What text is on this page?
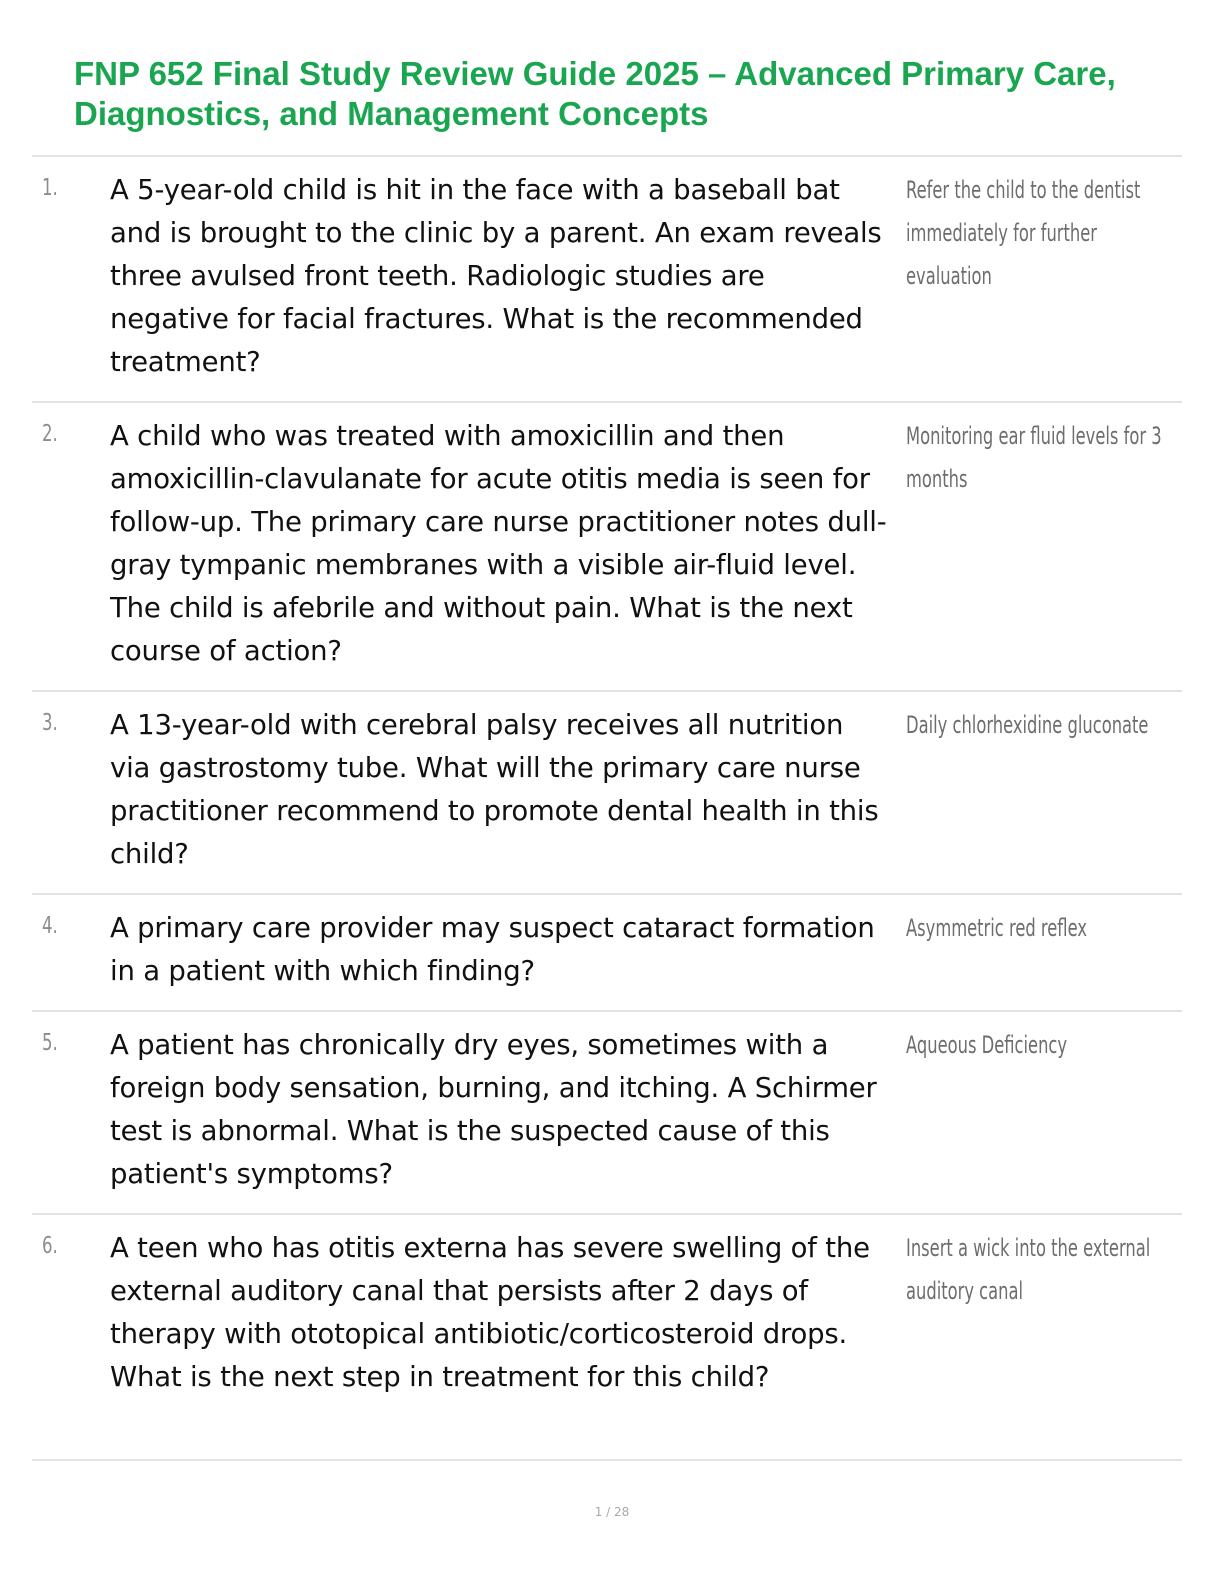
FNP 652 Final Study Review Guide 2025 – Advanced Primary Care, Diagnostics, and Management Concepts
1. A 5-year-old child is hit in the face with a baseball bat and is brought to the clinic by a parent. An exam reveals three avulsed front teeth. Radiologic studies are negative for facial fractures. What is the recommended treatment?
Refer the child to the dentist immediately for further evaluation
2. A child who was treated with amoxicillin and then amoxicillin-clavulanate for acute otitis media is seen for follow-up. The primary care nurse practitioner notes dull-gray tympanic membranes with a visible air-fluid level. The child is afebrile and without pain. What is the next course of action?
Monitoring ear fluid levels for 3 months
3. A 13-year-old with cerebral palsy receives all nutrition via gastrostomy tube. What will the primary care nurse practitioner recommend to promote dental health in this child?
Daily chlorhexidine gluconate
4. A primary care provider may suspect cataract formation in a patient with which finding?
Asymmetric red reflex
5. A patient has chronically dry eyes, sometimes with a foreign body sensation, burning, and itching. A Schirmer test is abnormal. What is the suspected cause of this patient's symptoms?
Aqueous Deficiency
6. A teen who has otitis externa has severe swelling of the external auditory canal that persists after 2 days of therapy with ototopical antibiotic/corticosteroid drops. What is the next step in treatment for this child?
Insert a wick into the external auditory canal
1 / 28
